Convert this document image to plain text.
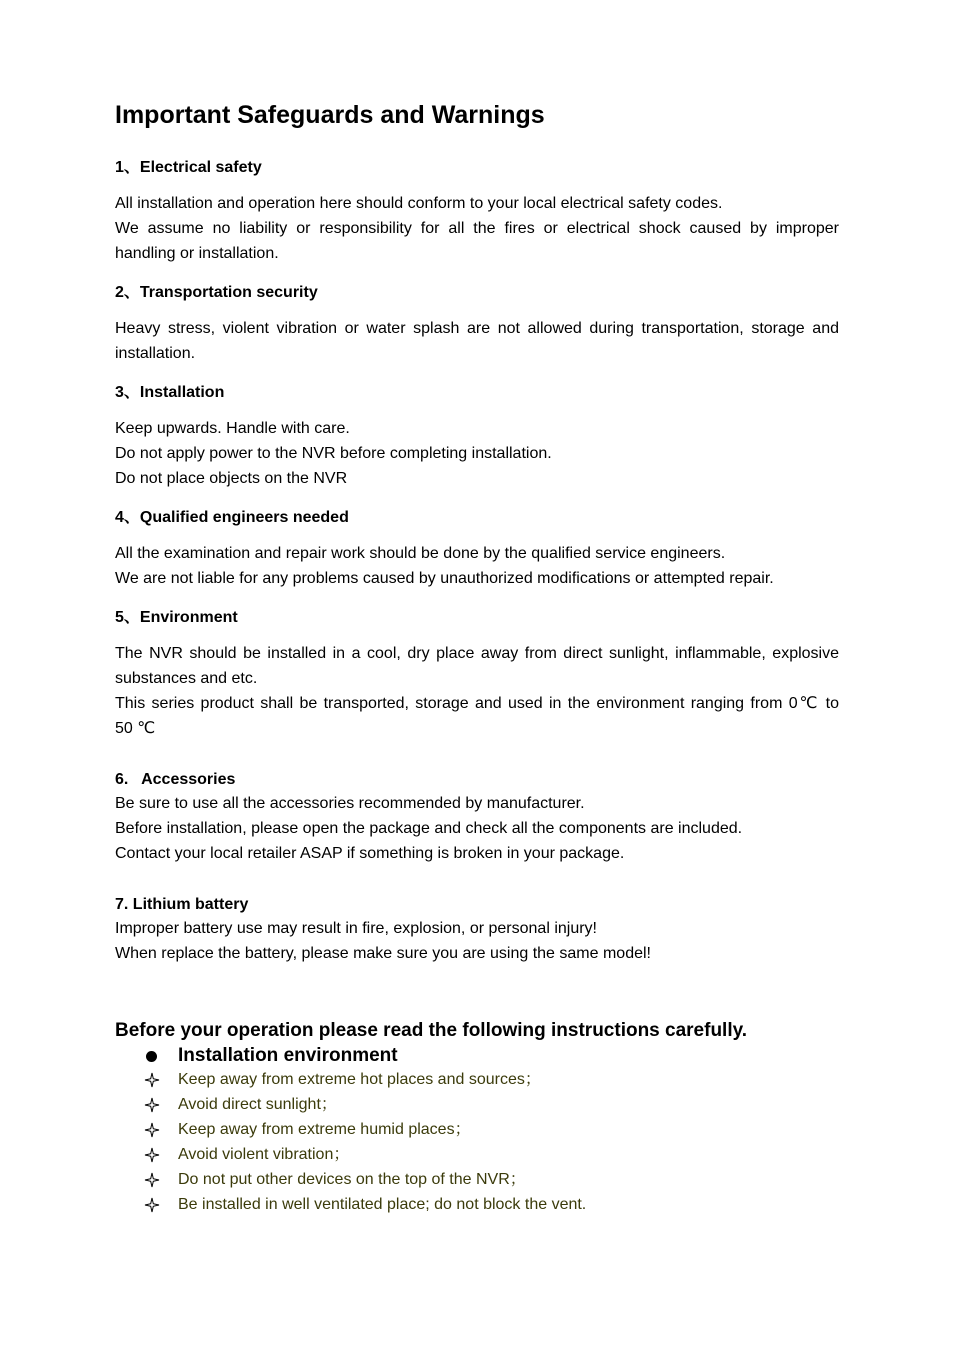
Important Safeguards and Warnings
1、Electrical safety
All installation and operation here should conform to your local electrical safety codes.
We assume no liability or responsibility for all the fires or electrical shock caused by improper
handling or installation.
2、Transportation security
Heavy stress, violent vibration or water splash are not allowed during transportation, storage and
installation.
3、Installation
Keep upwards. Handle with care.
Do not apply power to the NVR before completing installation.
Do not place objects on the NVR
4、Qualified engineers needed
All the examination and repair work should be done by the qualified service engineers.
We are not liable for any problems caused by unauthorized modifications or attempted repair.
5、Environment
The NVR should be installed in a cool, dry place away from direct sunlight, inflammable, explosive
substances and etc.
This series product shall be transported, storage and used in the environment ranging from 0℃ to
50 ℃
6.   Accessories
Be sure to use all the accessories recommended by manufacturer.
Before installation, please open the package and check all the components are included.
Contact your local retailer ASAP if something is broken in your package.
7. Lithium battery
Improper battery use may result in fire, explosion, or personal injury!
When replace the battery, please make sure you are using the same model!
Before your operation please read the following instructions carefully.
Installation environment
Keep away from extreme hot places and sources；
Avoid direct sunlight；
Keep away from extreme humid places；
Avoid violent vibration；
Do not put other devices on the top of the NVR；
Be installed in well ventilated place; do not block the vent.
